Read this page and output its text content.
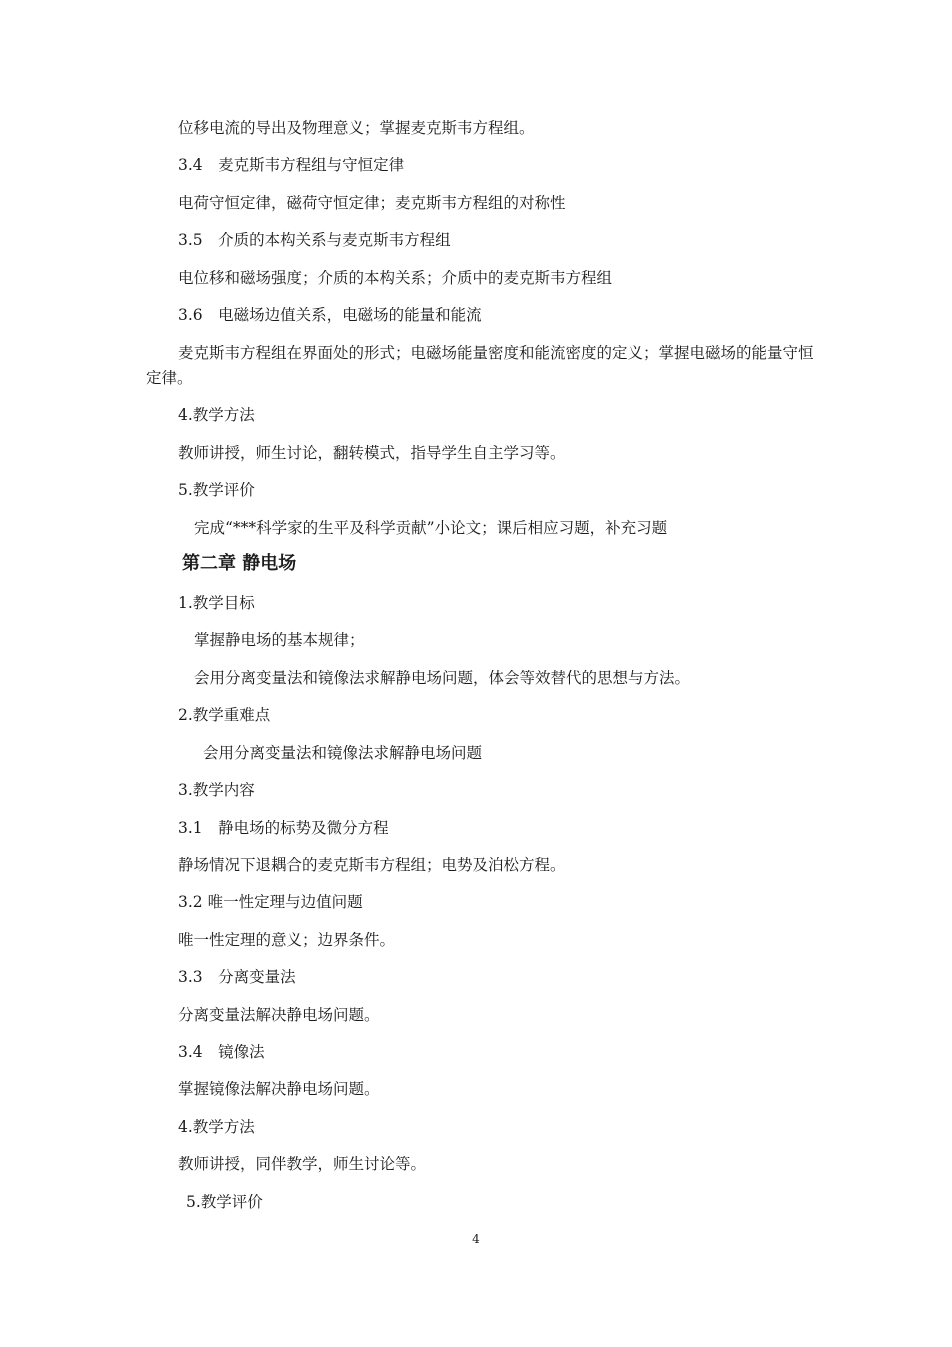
位移电流的导出及物理意义；掌握麦克斯韦方程组。

3.4　麦克斯韦方程组与守恒定律

电荷守恒定律，磁荷守恒定律；麦克斯韦方程组的对称性

3.5　介质的本构关系与麦克斯韦方程组

电位移和磁场强度；介质的本构关系；介质中的麦克斯韦方程组

3.6　电磁场边值关系，电磁场的能量和能流

麦克斯韦方程组在界面处的形式；电磁场能量密度和能流密度的定义；掌握电磁场的能量守恒定律。

4.教学方法

教师讲授，师生讨论，翻转模式，指导学生自主学习等。

5.教学评价

完成“***科学家的生平及科学贡献”小论文；课后相应习题，补充习题

第二章 静电场

1.教学目标

掌握静电场的基本规律；

会用分离变量法和镜像法求解静电场问题，体会等效替代的思想与方法。

2.教学重难点

会用分离变量法和镜像法求解静电场问题

3.教学内容

3.1　静电场的标势及微分方程

静场情况下退耦合的麦克斯韦方程组；电势及泊松方程。

3.2 唯一性定理与边值问题

唯一性定理的意义；边界条件。

3.3　分离变量法

分离变量法解决静电场问题。

3.4　镜像法

掌握镜像法解决静电场问题。

4.教学方法

教师讲授，同伴教学，师生讨论等。

5.教学评价

4
